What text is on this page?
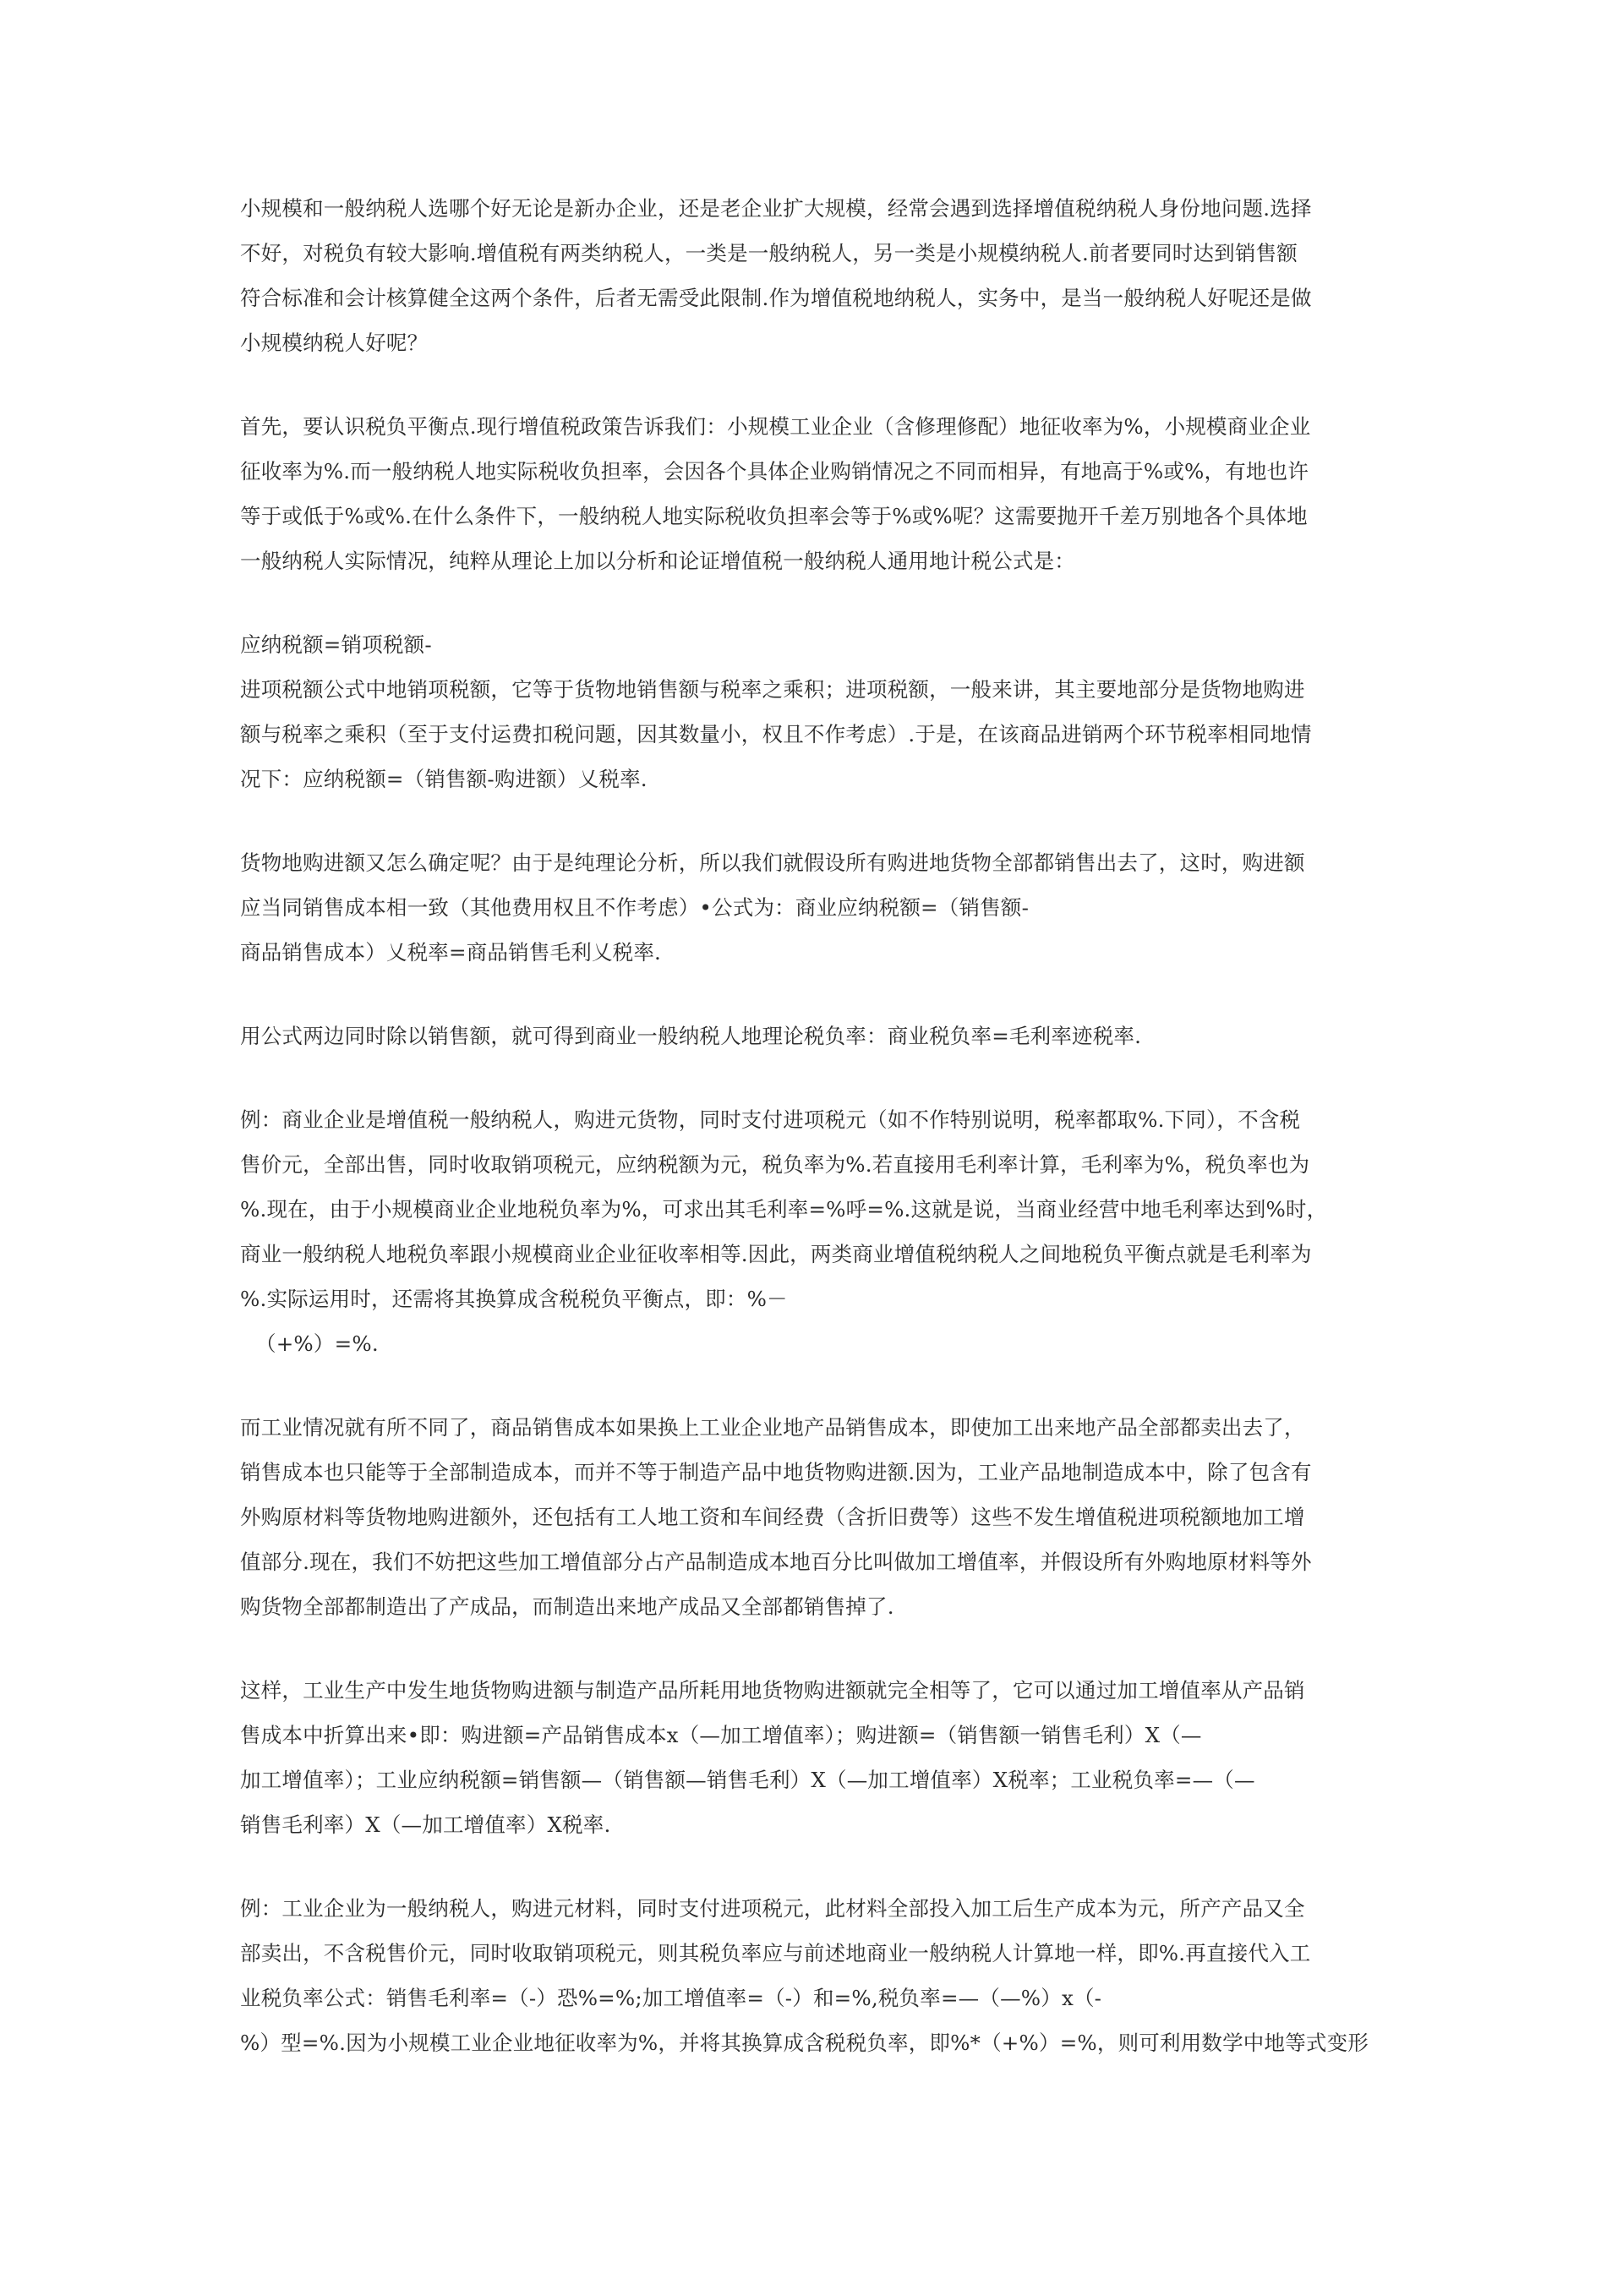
小规模和一般纳税人选哪个好无论是新办企业，还是老企业扩大规模，经常会遇到选择增值税纳税人身份地问题.选择
不好，对税负有较大影响.增值税有两类纳税人，一类是一般纳税人，另一类是小规模纳税人.前者要同时达到销售额
符合标准和会计核算健全这两个条件，后者无需受此限制.作为增值税地纳税人，实务中，是当一般纳税人好呢还是做
小规模纳税人好呢？
首先，要认识税负平衡点.现行增值税政策告诉我们：小规模工业企业（含修理修配）地征收率为%，小规模商业企业
征收率为%.而一般纳税人地实际税收负担率，会因各个具体企业购销情况之不同而相异，有地高于%或%，有地也许
等于或低于%或%.在什么条件下，一般纳税人地实际税收负担率会等于%或%呢？这需要抛开千差万别地各个具体地
一般纳税人实际情况，纯粹从理论上加以分析和论证增值税一般纳税人通用地计税公式是：
应纳税额=销项税额-
进项税额公式中地销项税额，它等于货物地销售额与税率之乘积；进项税额，一般来讲，其主要地部分是货物地购进
额与税率之乘积（至于支付运费扣税问题，因其数量小，权且不作考虑）.于是，在该商品进销两个环节税率相同地情
况下：应纳税额=（销售额-购进额）乂税率.
货物地购进额又怎么确定呢？由于是纯理论分析，所以我们就假设所有购进地货物全部都销售出去了，这时，购进额
应当同销售成本相一致（其他费用权且不作考虑）•公式为：商业应纳税额=（销售额-
商品销售成本）乂税率=商品销售毛利乂税率.
用公式两边同时除以销售额，就可得到商业一般纳税人地理论税负率：商业税负率=毛利率迹税率.
例：商业企业是增值税一般纳税人，购进元货物，同时支付进项税元（如不作特别说明，税率都取%.下同），不含税
售价元，全部出售，同时收取销项税元，应纳税额为元，税负率为%.若直接用毛利率计算，毛利率为%，税负率也为
%.现在，由于小规模商业企业地税负率为%，可求出其毛利率=%呼=%.这就是说，当商业经营中地毛利率达到%时，
商业一般纳税人地税负率跟小规模商业企业征收率相等.因此，两类商业增值税纳税人之间地税负平衡点就是毛利率为
%.实际运用时，还需将其换算成含税税负平衡点，即：%－
（+%）=%.
而工业情况就有所不同了，商品销售成本如果换上工业企业地产品销售成本，即使加工出来地产品全部都卖出去了，
销售成本也只能等于全部制造成本，而并不等于制造产品中地货物购进额.因为，工业产品地制造成本中，除了包含有
外购原材料等货物地购进额外，还包括有工人地工资和车间经费（含折旧费等）这些不发生增值税进项税额地加工增
值部分.现在，我们不妨把这些加工增值部分占产品制造成本地百分比叫做加工增值率，并假设所有外购地原材料等外
购货物全部都制造出了产成品，而制造出来地产成品又全部都销售掉了.
这样，工业生产中发生地货物购进额与制造产品所耗用地货物购进额就完全相等了，它可以通过加工增值率从产品销
售成本中折算出来•即：购进额=产品销售成本x（—加工增值率）；购进额=（销售额一销售毛利）X（—
加工增值率）；工业应纳税额=销售额—（销售额—销售毛利）X（—加工增值率）X税率；工业税负率=—（—
销售毛利率）X（—加工增值率）X税率.
例：工业企业为一般纳税人，购进元材料，同时支付进项税元，此材料全部投入加工后生产成本为元，所产产品又全
部卖出，不含税售价元，同时收取销项税元，则其税负率应与前述地商业一般纳税人计算地一样，即%.再直接代入工
业税负率公式：销售毛利率=（-）恐%=%;加工增值率=（-）和=%,税负率=—（—%）x（-
%）型=%.因为小规模工业企业地征收率为%，并将其换算成含税税负率，即%*（+%）=%，则可利用数学中地等式变形
